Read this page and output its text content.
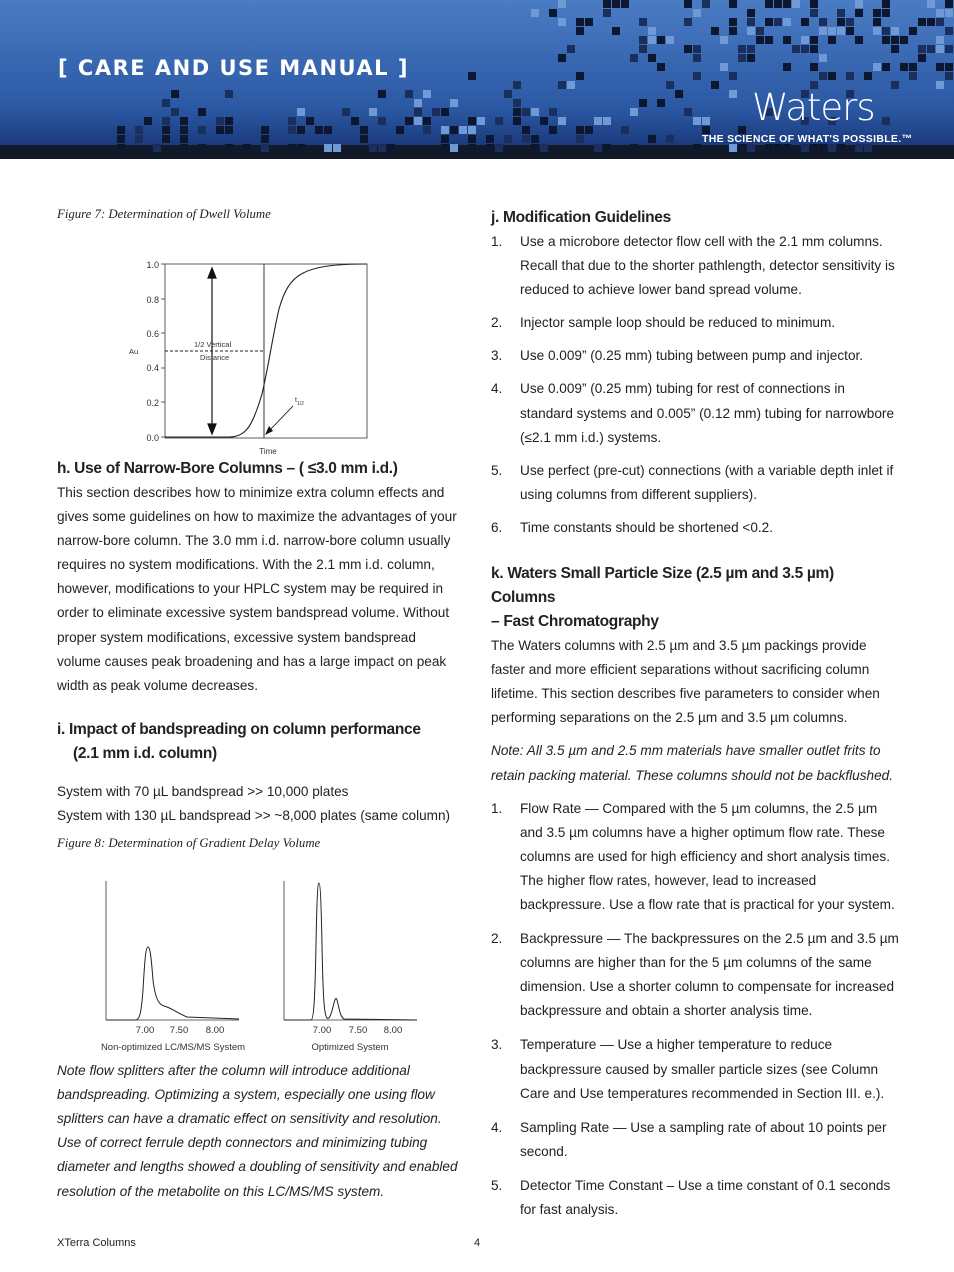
[ CARE AND USE MANUAL ]
Waters
THE SCIENCE OF WHAT'S POSSIBLE.™
Figure 7: Determination of Dwell Volume
1.0
0.8
0.6
0.4
0.2
0.0
Au
Time
1/2 Vertical
Distance
$t_{1/2}$
h. Use of Narrow-Bore Columns – ( ≤3.0 mm i.d.)

This section describes how to minimize extra column effects and gives some guidelines on how to maximize the advantages of your narrow-bore column. The 3.0 mm i.d. narrow-bore column usually requires no system modifications. With the 2.1 mm i.d. column, however, modifications to your HPLC system may be required in order to eliminate excessive system bandspread volume. Without proper system modifications, excessive system bandspread volume causes peak broadening and has a large impact on peak width as peak volume decreases.

i. Impact of bandspreading on column performance
(2.1 mm i.d. column)

System with 70 µL bandspread >> 10,000 plates

System with 130 µL bandspread >> ~8,000 plates (same column)

Figure 8: Determination of Gradient Delay Volume
7.00 7.50 8.00
Non-optimized LC/MS/MS System
7.00 7.50 8.00
Optimized System

Note flow splitters after the column will introduce additional bandspreading. Optimizing a system, especially one using flow splitters can have a dramatic effect on sensitivity and resolution. Use of correct ferrule depth connectors and minimizing tubing diameter and lengths showed a doubling of sensitivity and enabled resolution of the metabolite on this LC/MS/MS system.

j. Modification Guidelines
1. Use a microbore detector flow cell with the 2.1 mm columns. Recall that due to the shorter pathlength, detector sensitivity is reduced to achieve lower band spread volume.
2. Injector sample loop should be reduced to minimum.
3. Use 0.009” (0.25 mm) tubing between pump and injector.
4. Use 0.009” (0.25 mm) tubing for rest of connections in standard systems and 0.005” (0.12 mm) tubing for narrowbore (≤2.1 mm i.d.) systems.
5. Use perfect (pre-cut) connections (with a variable depth inlet if using columns from different suppliers).
6. Time constants should be shortened <0.2.
k. Waters Small Particle Size (2.5 µm and 3.5 µm) Columns
– Fast Chromatography

The Waters columns with 2.5 µm and 3.5 µm packings provide faster and more efficient separations without sacrificing column lifetime. This section describes five parameters to consider when performing separations on the 2.5 µm and 3.5 µm columns.

Note: All 3.5 µm and 2.5 mm materials have smaller outlet frits to retain packing material. These columns should not be backflushed.

1. Flow Rate — Compared with the 5 µm columns, the 2.5 µm and 3.5 µm columns have a higher optimum flow rate. These columns are used for high efficiency and short analysis times. The higher flow rates, however, lead to increased backpressure. Use a flow rate that is practical for your system.
2. Backpressure — The backpressures on the 2.5 µm and 3.5 µm columns are higher than for the 5 µm columns of the same dimension. Use a shorter column to compensate for increased backpressure and obtain a shorter analysis time.
3. Temperature — Use a higher temperature to reduce backpressure caused by smaller particle sizes (see Column Care and Use temperatures recommended in Section III. e.).
4. Sampling Rate — Use a sampling rate of about 10 points per second.
5. Detector Time Constant – Use a time constant of 0.1 seconds for fast analysis.
XTerra Columns	4
